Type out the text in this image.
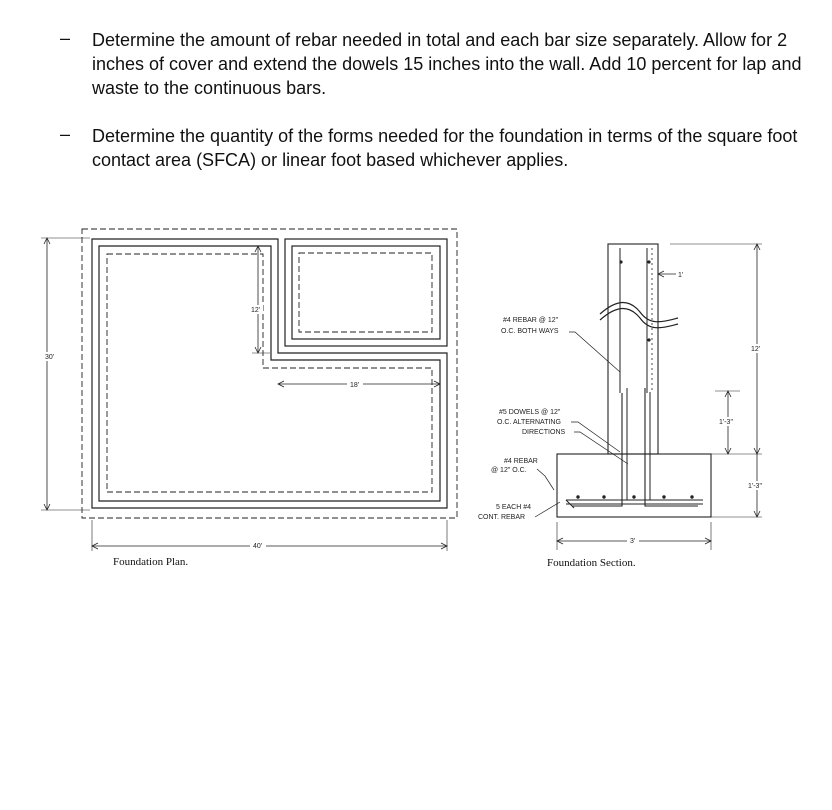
– Determine the amount of rebar needed in total and each bar size separately. Allow for 2 inches of cover and extend the dowels 15 inches into the wall. Add 10 percent for lap and waste to the continuous bars.
– Determine the quantity of the forms needed for the foundation in terms of the square foot contact area (SFCA) or linear foot based whichever applies.
30'
40'
12'
18'
Foundation Plan.
#4 REBAR @ 12" O.C. BOTH WAYS
#5 DOWELS @ 12" O.C. ALTERNATING DIRECTIONS
#4 REBAR @ 12" O.C.
5 EACH #4 CONT. REBAR
1'
12'
1'-3"
1'-3"
3'
Foundation Section.
